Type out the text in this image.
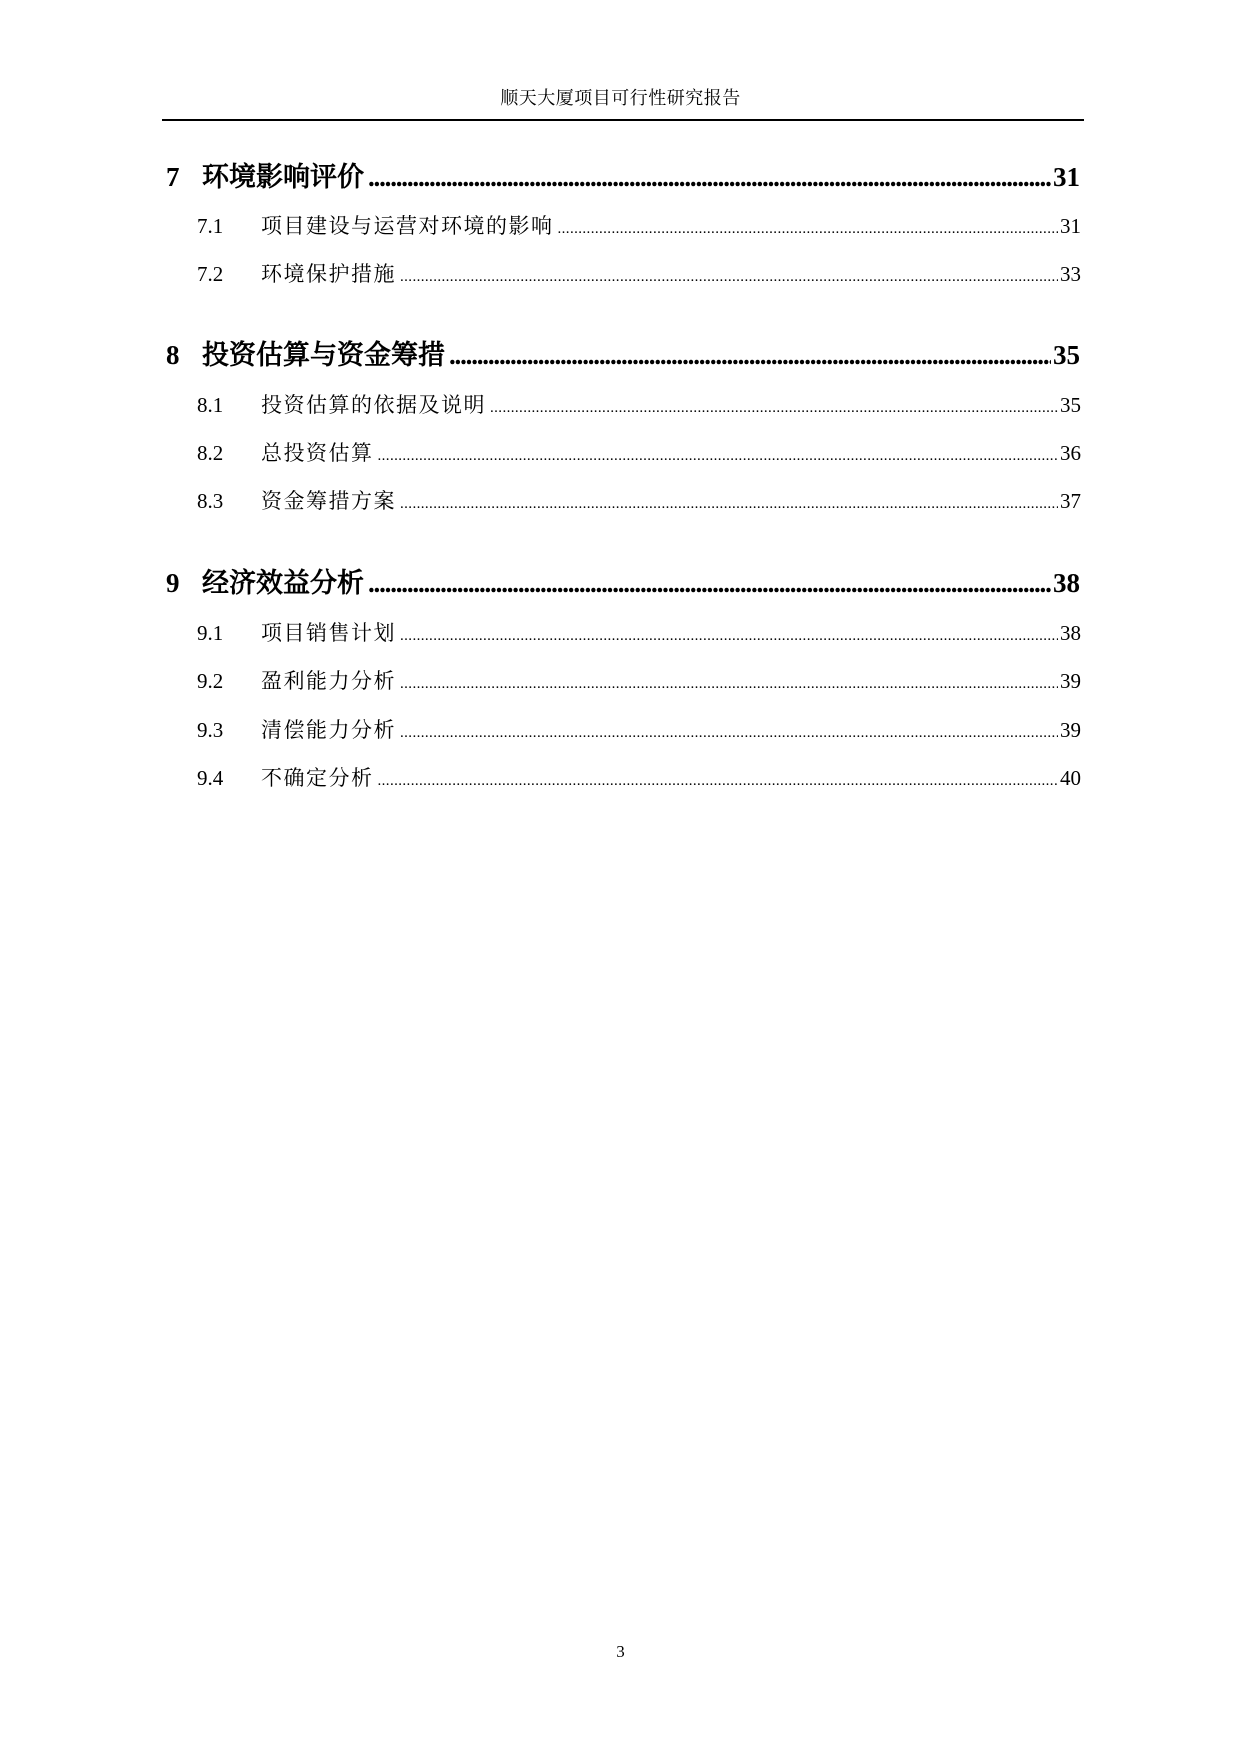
顺天大厦项目可行性研究报告
7 环境影响评价 .....	31
7.1	项目建设与运营对环境的影响 .....	31
7.2	环境保护措施 .....	33
8 投资估算与资金筹措 .....	35
8.1	投资估算的依据及说明 .....	35
8.2	总投资估算 .....	36
8.3	资金筹措方案 .....	37
9 经济效益分析 .....	38
9.1	项目销售计划 .....	38
9.2	盈利能力分析 .....	39
9.3	清偿能力分析 .....	39
9.4	不确定分析 .....	40
3
